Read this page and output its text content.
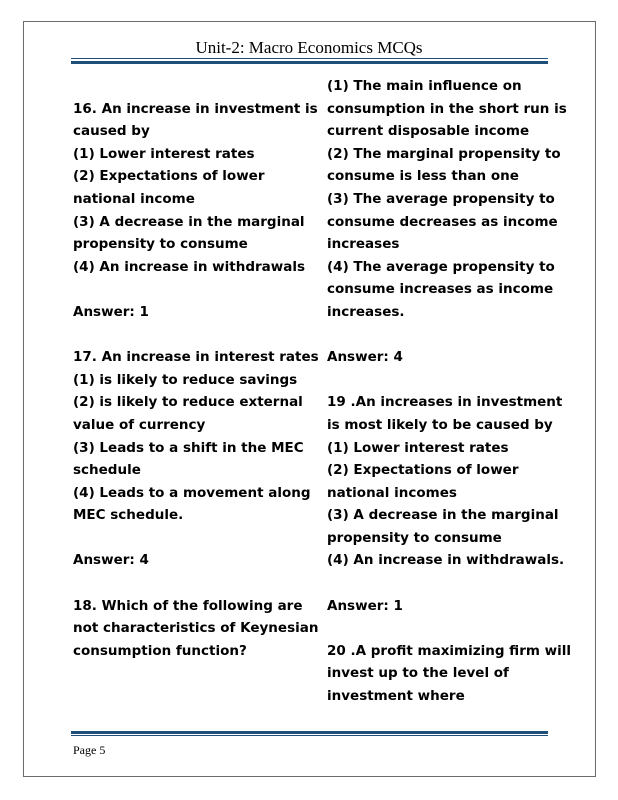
Unit-2: Macro Economics MCQs
16. An increase in investment is
caused by
(1) Lower interest rates
(2) Expectations of lower
national income
(3) A decrease in the marginal
propensity to consume
(4) An increase in withdrawals
Answer: 1
17. An increase in interest rates
(1) is likely to reduce savings
(2) is likely to reduce external
value of currency
(3) Leads to a shift in the MEC
schedule
(4) Leads to a movement along
MEC schedule.
Answer: 4
18. Which of the following are
not characteristics of Keynesian
consumption function?
(1) The main influence on
consumption in the short run is
current disposable income
(2) The marginal propensity to
consume is less than one
(3) The average propensity to
consume decreases as income
increases
(4) The average propensity to
consume increases as income
increases.
Answer: 4
19 .An increases in investment
is most likely to be caused by
(1) Lower interest rates
(2) Expectations of lower
national incomes
(3) A decrease in the marginal
propensity to consume
(4) An increase in withdrawals.
Answer: 1
20 .A profit maximizing firm will
invest up to the level of
investment where
Page 5
